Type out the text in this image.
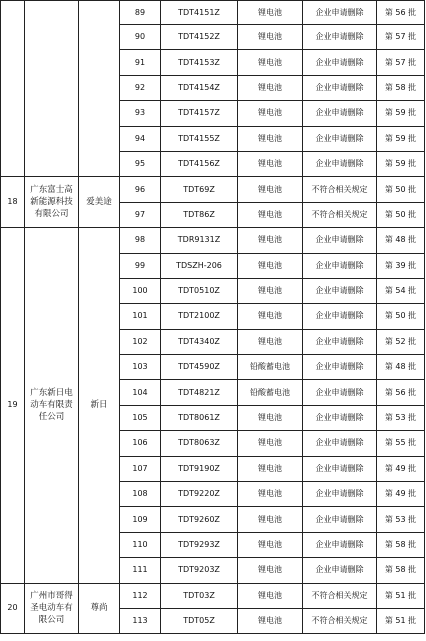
			89	TDT4151Z	锂电池	企业申请删除	第 56 批
			90	TDT4152Z	锂电池	企业申请删除	第 57 批
			91	TDT4153Z	锂电池	企业申请删除	第 57 批
			92	TDT4154Z	锂电池	企业申请删除	第 58 批
			93	TDT4157Z	锂电池	企业申请删除	第 59 批
			94	TDT4155Z	锂电池	企业申请删除	第 59 批
			95	TDT4156Z	锂电池	企业申请删除	第 59 批
18	广东富士高新能源科技有限公司	爱美途	96	TDT69Z	锂电池	不符合相关规定	第 50 批
			97	TDT86Z	锂电池	不符合相关规定	第 50 批
19	广东新日电动车有限责任公司	新日	98	TDR9131Z	锂电池	企业申请删除	第 48 批
			99	TDSZH-206	锂电池	企业申请删除	第 39 批
			100	TDT0510Z	锂电池	企业申请删除	第 54 批
			101	TDT2100Z	锂电池	企业申请删除	第 50 批
			102	TDT4340Z	锂电池	企业申请删除	第 52 批
			103	TDT4590Z	铅酸蓄电池	企业申请删除	第 48 批
			104	TDT4821Z	铅酸蓄电池	企业申请删除	第 56 批
			105	TDT8061Z	锂电池	企业申请删除	第 53 批
			106	TDT8063Z	锂电池	企业申请删除	第 55 批
			107	TDT9190Z	锂电池	企业申请删除	第 49 批
			108	TDT9220Z	锂电池	企业申请删除	第 49 批
			109	TDT9260Z	锂电池	企业申请删除	第 53 批
			110	TDT9293Z	锂电池	企业申请删除	第 58 批
			111	TDT9203Z	锂电池	企业申请删除	第 58 批
20	广州市哥得圣电动车有限公司	尊尚	112	TDT03Z	锂电池	不符合相关规定	第 51 批
			113	TDT05Z	锂电池	不符合相关规定	第 51 批
